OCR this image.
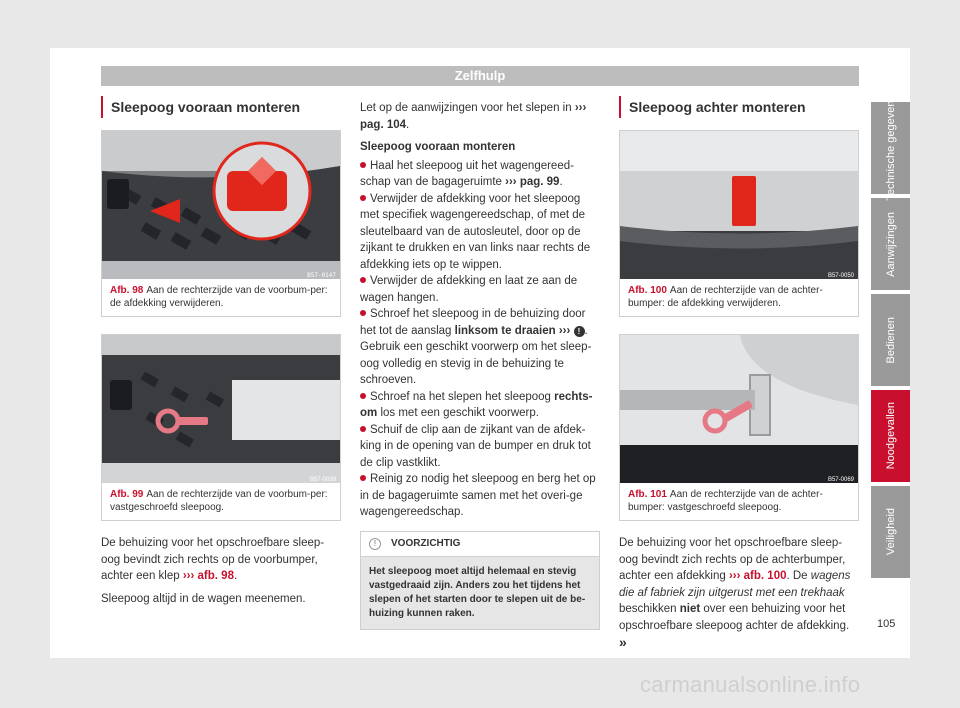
Zelfhulp
Sleepoog vooraan monteren
B57-0147
Afb. 98 Aan de rechterzijde van de voorbum-per: de afdekking verwijderen.
B57-0039
Afb. 99 Aan de rechterzijde van de voorbum-per: vastgeschroefd sleepoog.

De behuizing voor het opschroefbare sleep-oog bevindt zich rechts op de voorbumper, achter een klep ››› afb. 98.

Sleepoog altijd in de wagen meenemen.

Let op de aanwijzingen voor het slepen in ››› pag. 104.

Sleepoog vooraan monteren

Haal het sleepoog uit het wagengereed-schap van de bagageruimte ››› pag. 99.

Verwijder de afdekking voor het sleepoog met specifiek wagengereedschap, of met de sleutelbaard van de autosleutel, door op de zijkant te drukken en van links naar rechts de afdekking iets op te wippen.

Verwijder de afdekking en laat ze aan de wagen hangen.

Schroef het sleepoog in de behuizing door het tot de aanslag linksom te draaien ››› ! . Gebruik een geschikt voorwerp om het sleep-oog volledig en stevig in de behuizing te schroeven.

Schroef na het slepen het sleepoog rechts-om los met een geschikt voorwerp.

Schuif de clip aan de zijkant van de afdek-king in de opening van de bumper en druk tot de clip vastklikt.

Reinig zo nodig het sleepoog en berg het op in de bagageruimte samen met het overi-ge wagengereedschap.

! VOORZICHTIG
Het sleepoog moet altijd helemaal en stevig vastgedraaid zijn. Anders zou het tijdens het slepen of het starten door te slepen uit de be-huizing kunnen raken.
Sleepoog achter monteren
B57-0050
Afb. 100 Aan de rechterzijde van de achter-bumper: de afdekking verwijderen.
B57-0069
Afb. 101 Aan de rechterzijde van de achter-bumper: vastgeschroefd sleepoog.

De behuizing voor het opschroefbare sleep-oog bevindt zich rechts op de achterbumper, achter een afdekking ››› afb. 100. De wagens die af fabriek zijn uitgerust met een trekhaak beschikken niet over een behuizing voor het opschroefbare sleepoog achter de afdekking. »

Technische gegevens
Aanwijzingen
Bedienen
Noodgevallen
Veiligheid
105
carmanualsonline.info
